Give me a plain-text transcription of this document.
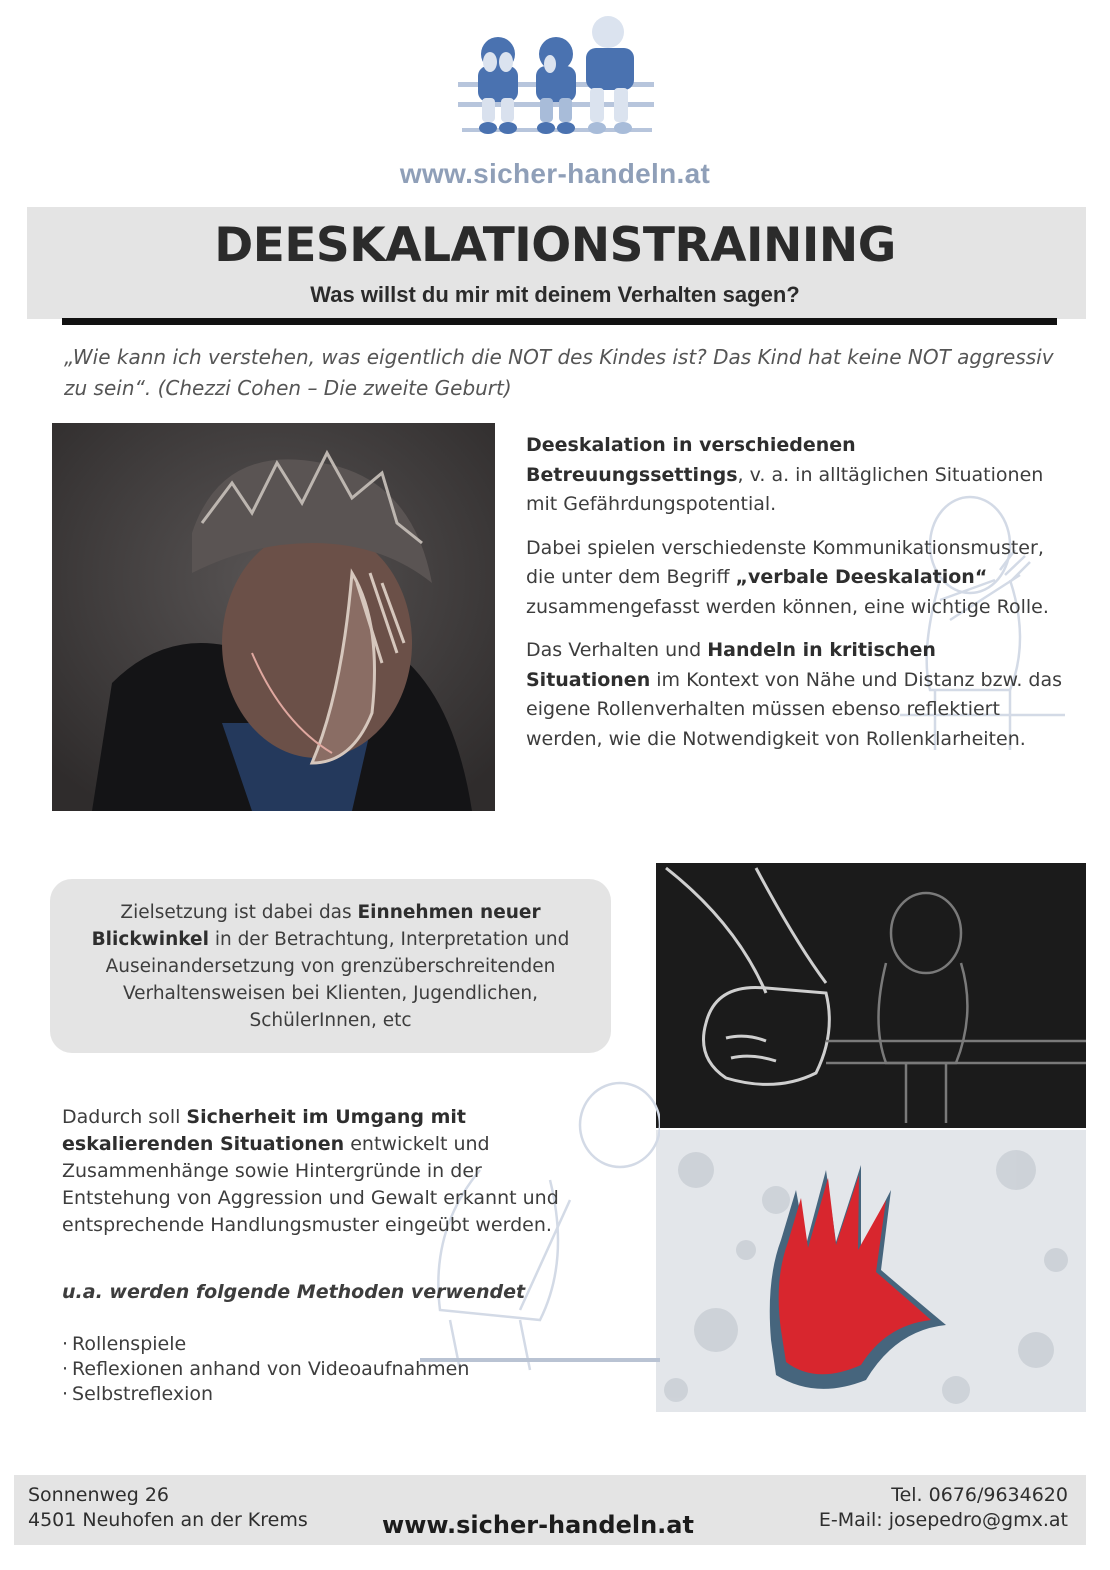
www.sicher-handeln.at
DEESKALATIONSTRAINING
Was willst du mir mit deinem Verhalten sagen?

„Wie kann ich verstehen, was eigentlich die NOT des Kindes ist? Das Kind hat keine NOT aggressiv zu sein“. (Chezzi Cohen – Die zweite Geburt)

Deeskalation in verschiedenen Betreuungssettings, v. a. in alltäglichen Situationen mit Gefährdungspotential.

Dabei spielen verschiedenste Kommunikationsmuster, die unter dem Begriff „verbale Deeskalation“ zusammengefasst werden können, eine wichtige Rolle.

Das Verhalten und Handeln in kritischen Situationen im Kontext von Nähe und Distanz bzw. das eigene Rollenverhalten müssen ebenso reflektiert werden, wie die Notwendigkeit von Rollenklarheiten.

Zielsetzung ist dabei das Einnehmen neuer Blickwinkel in der Betrachtung, Interpretation und Auseinandersetzung von grenzüberschreitenden Verhaltensweisen bei Klienten, Jugendlichen, SchülerInnen, etc

Dadurch soll Sicherheit im Umgang mit eskalierenden Situationen entwickelt und Zusammenhänge sowie Hintergründe in der Entstehung von Aggression und Gewalt erkannt und entsprechende Handlungsmuster eingeübt werden.

u.a. werden folgende Methoden verwendet
· Rollenspiele
· Reflexionen anhand von Videoaufnahmen
· Selbstreflexion
Sonnenweg 26
4501 Neuhofen an der Krems	www.sicher-handeln.at
Tel. 0676/9634620
E-Mail: josepedro@gmx.at
